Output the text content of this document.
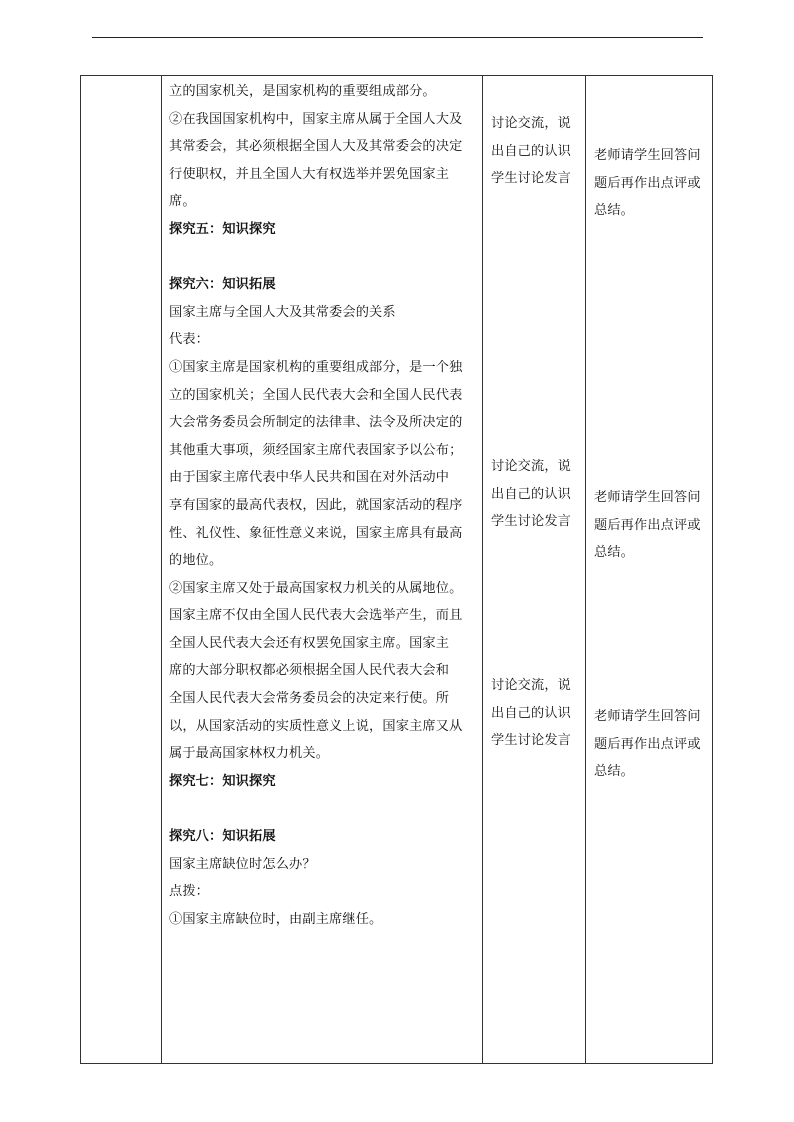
立的国家机关，是国家机构的重要组成部分。
②在我国国家机构中，国家主席从属于全国人大及
其常委会，其必须根据全国人大及其常委会的决定
行使职权，并且全国人大有权选举并罢免国家主
席。
探究五：知识探究
探究六：知识拓展
国家主席与全国人大及其常委会的关系
代表：
①国家主席是国家机构的重要组成部分，是一个独
立的国家机关；全国人民代表大会和全国人民代表
大会常务委员会所制定的法律聿、法令及所决定的
其他重大事项，须经国家主席代表国家予以公布；
由于国家主席代表中华人民共和国在对外活动中
享有国家的最高代表权，因此，就国家活动的程序
性、礼仪性、象征性意义来说，国家主席具有最高
的地位。
②国家主席又处于最高国家权力机关的从属地位。
国家主席不仅由全国人民代表大会选举产生，而且
全国人民代表大会还有权罢免国家主席。国家主
席的大部分职权都必须根据全国人民代表大会和
全国人民代表大会常务委员会的决定来行使。所
以，从国家活动的实质性意义上说，国家主席又从
属于最高国家林权力机关。
探究七：知识探究
探究八：知识拓展
国家主席缺位时怎么办？
点拨：
①国家主席缺位时，由副主席继任。
讨论交流，说
出自己的认识
学生讨论发言
讨论交流，说
出自己的认识
学生讨论发言
讨论交流，说
出自己的认识
学生讨论发言
老师请学生回答问
题后再作出点评或
总结。
老师请学生回答问
题后再作出点评或
总结。
老师请学生回答问
题后再作出点评或
总结。
